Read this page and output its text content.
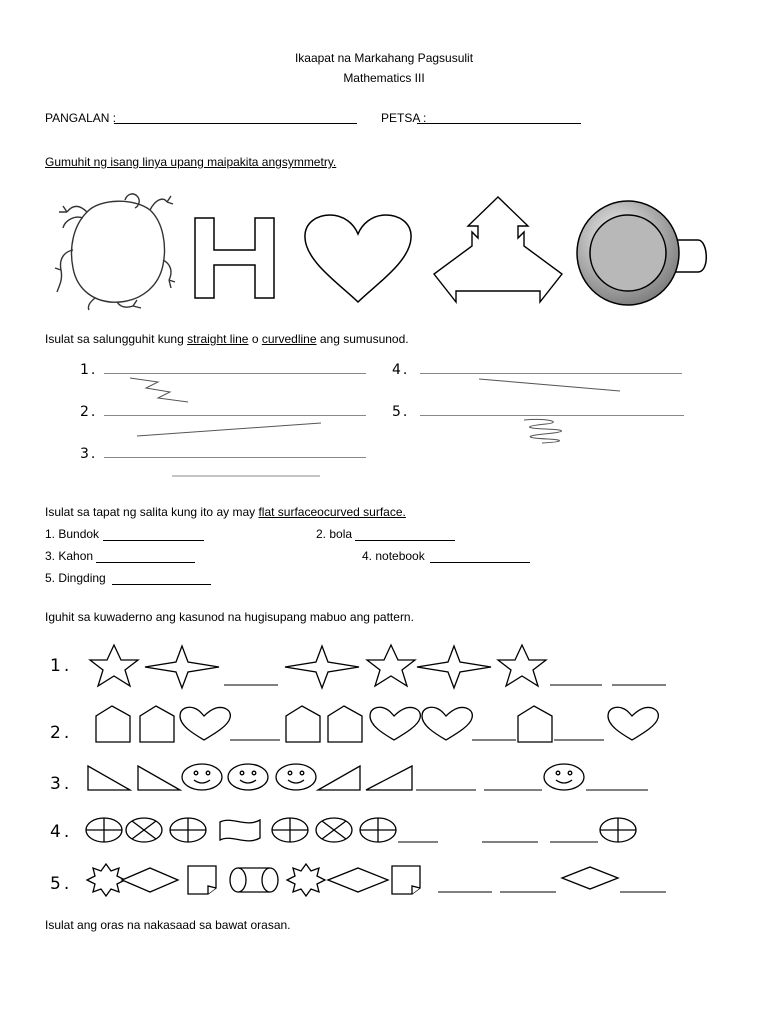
Ikaapat na Markahang Pagsusulit
Mathematics III
PANGALAN :	PETSA :
Gumuhit ng isang linya upang maipakita angsymmetry.
Isulat sa salungguhit kung straight line o curvedline ang sumusunod.
1.
2.
3.
4.
5.
Isulat sa tapat ng salita kung ito ay may flat surfaceocurved surface.
1. Bundok	2. bola
3. Kahon	4. notebook
5. Dingding
Iguhit sa kuwaderno ang kasunod na hugisupang mabuo ang pattern.
1.
2.
3.
4.
5.
Isulat ang oras na nakasaad sa bawat orasan.
